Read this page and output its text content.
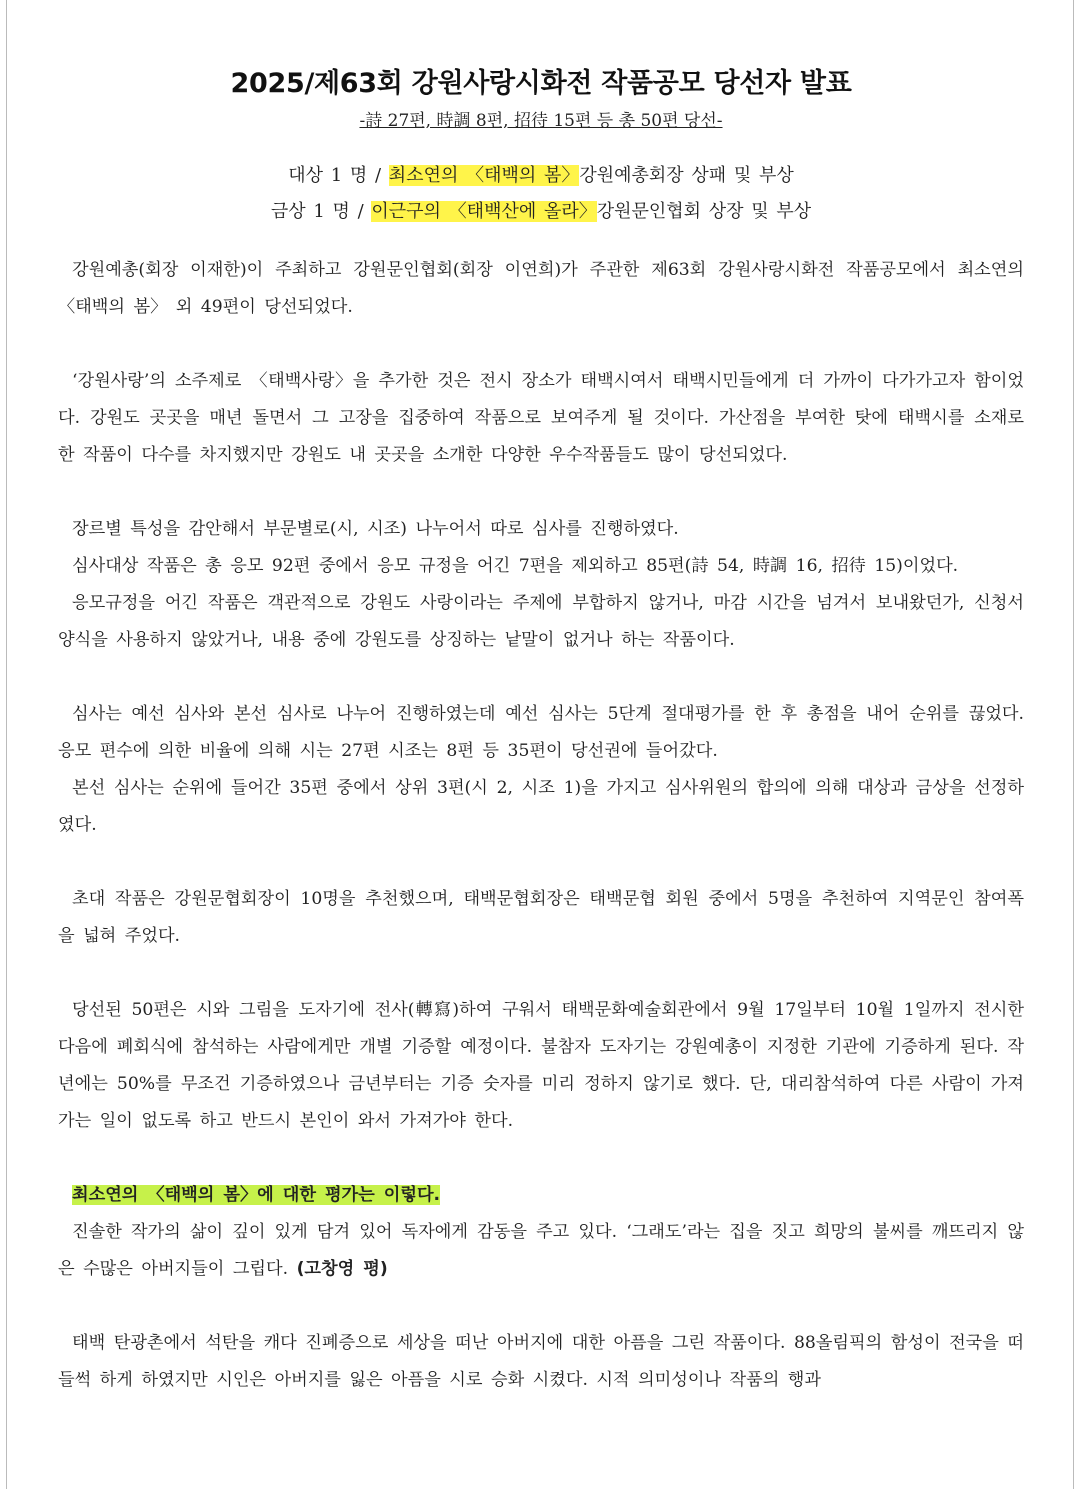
2025/제63회 강원사랑시화전 작품공모 당선자 발표

-詩 27편, 時調 8편, 招待 15편 등 총 50편 당선-

대상 1 명 / 최소연의 〈태백의 봄〉강원예총회장 상패 및 부상

금상 1 명 / 이근구의 〈태백산에 올라〉강원문인협회 상장 및 부상

강원예총(회장 이재한)이 주최하고 강원문인협회(회장 이연희)가 주관한 제63회 강원사랑시화전 작품공모에서 최소연의 〈태백의 봄〉 외 49편이 당선되었다.

‘강원사랑’의 소주제로 〈태백사랑〉을 추가한 것은 전시 장소가 태백시여서 태백시민들에게 더 가까이 다가가고자 함이었다. 강원도 곳곳을 매년 돌면서 그 고장을 집중하여 작품으로 보여주게 될 것이다. 가산점을 부여한 탓에 태백시를 소재로 한 작품이 다수를 차지했지만 강원도 내 곳곳을 소개한 다양한 우수작품들도 많이 당선되었다.

장르별 특성을 감안해서 부문별로(시, 시조) 나누어서 따로 심사를 진행하였다.

심사대상 작품은 총 응모 92편 중에서 응모 규정을 어긴 7편을 제외하고 85편(詩 54, 時調 16, 招待 15)이었다.

응모규정을 어긴 작품은 객관적으로 강원도 사랑이라는 주제에 부합하지 않거나, 마감 시간을 넘겨서 보내왔던가, 신청서 양식을 사용하지 않았거나, 내용 중에 강원도를 상징하는 낱말이 없거나 하는 작품이다.

심사는 예선 심사와 본선 심사로 나누어 진행하였는데 예선 심사는 5단계 절대평가를 한 후 총점을 내어 순위를 끊었다. 응모 편수에 의한 비율에 의해 시는 27편 시조는 8편 등 35편이 당선권에 들어갔다.

본선 심사는 순위에 들어간 35편 중에서 상위 3편(시 2, 시조 1)을 가지고 심사위원의 합의에 의해 대상과 금상을 선정하였다.

초대 작품은 강원문협회장이 10명을 추천했으며, 태백문협회장은 태백문협 회원 중에서 5명을 추천하여 지역문인 참여폭을 넓혀 주었다.

당선된 50편은 시와 그림을 도자기에 전사(轉寫)하여 구워서 태백문화예술회관에서 9월 17일부터 10월 1일까지 전시한 다음에 폐회식에 참석하는 사람에게만 개별 기증할 예정이다. 불참자 도자기는 강원예총이 지정한 기관에 기증하게 된다. 작년에는 50%를 무조건 기증하였으나 금년부터는 기증 숫자를 미리 정하지 않기로 했다. 단, 대리참석하여 다른 사람이 가져가는 일이 없도록 하고 반드시 본인이 와서 가져가야 한다.

최소연의 〈태백의 봄〉에 대한 평가는 이렇다.

진솔한 작가의 삶이 깊이 있게 담겨 있어 독자에게 감동을 주고 있다. ‘그래도’라는 집을 짓고 희망의 불씨를 깨뜨리지 않은 수많은 아버지들이 그립다. (고창영 평)

태백 탄광촌에서 석탄을 캐다 진폐증으로 세상을 떠난 아버지에 대한 아픔을 그린 작품이다. 88올림픽의 함성이 전국을 떠들썩 하게 하였지만 시인은 아버지를 잃은 아픔을 시로 승화 시켰다. 시적 의미성이나 작품의 행과
